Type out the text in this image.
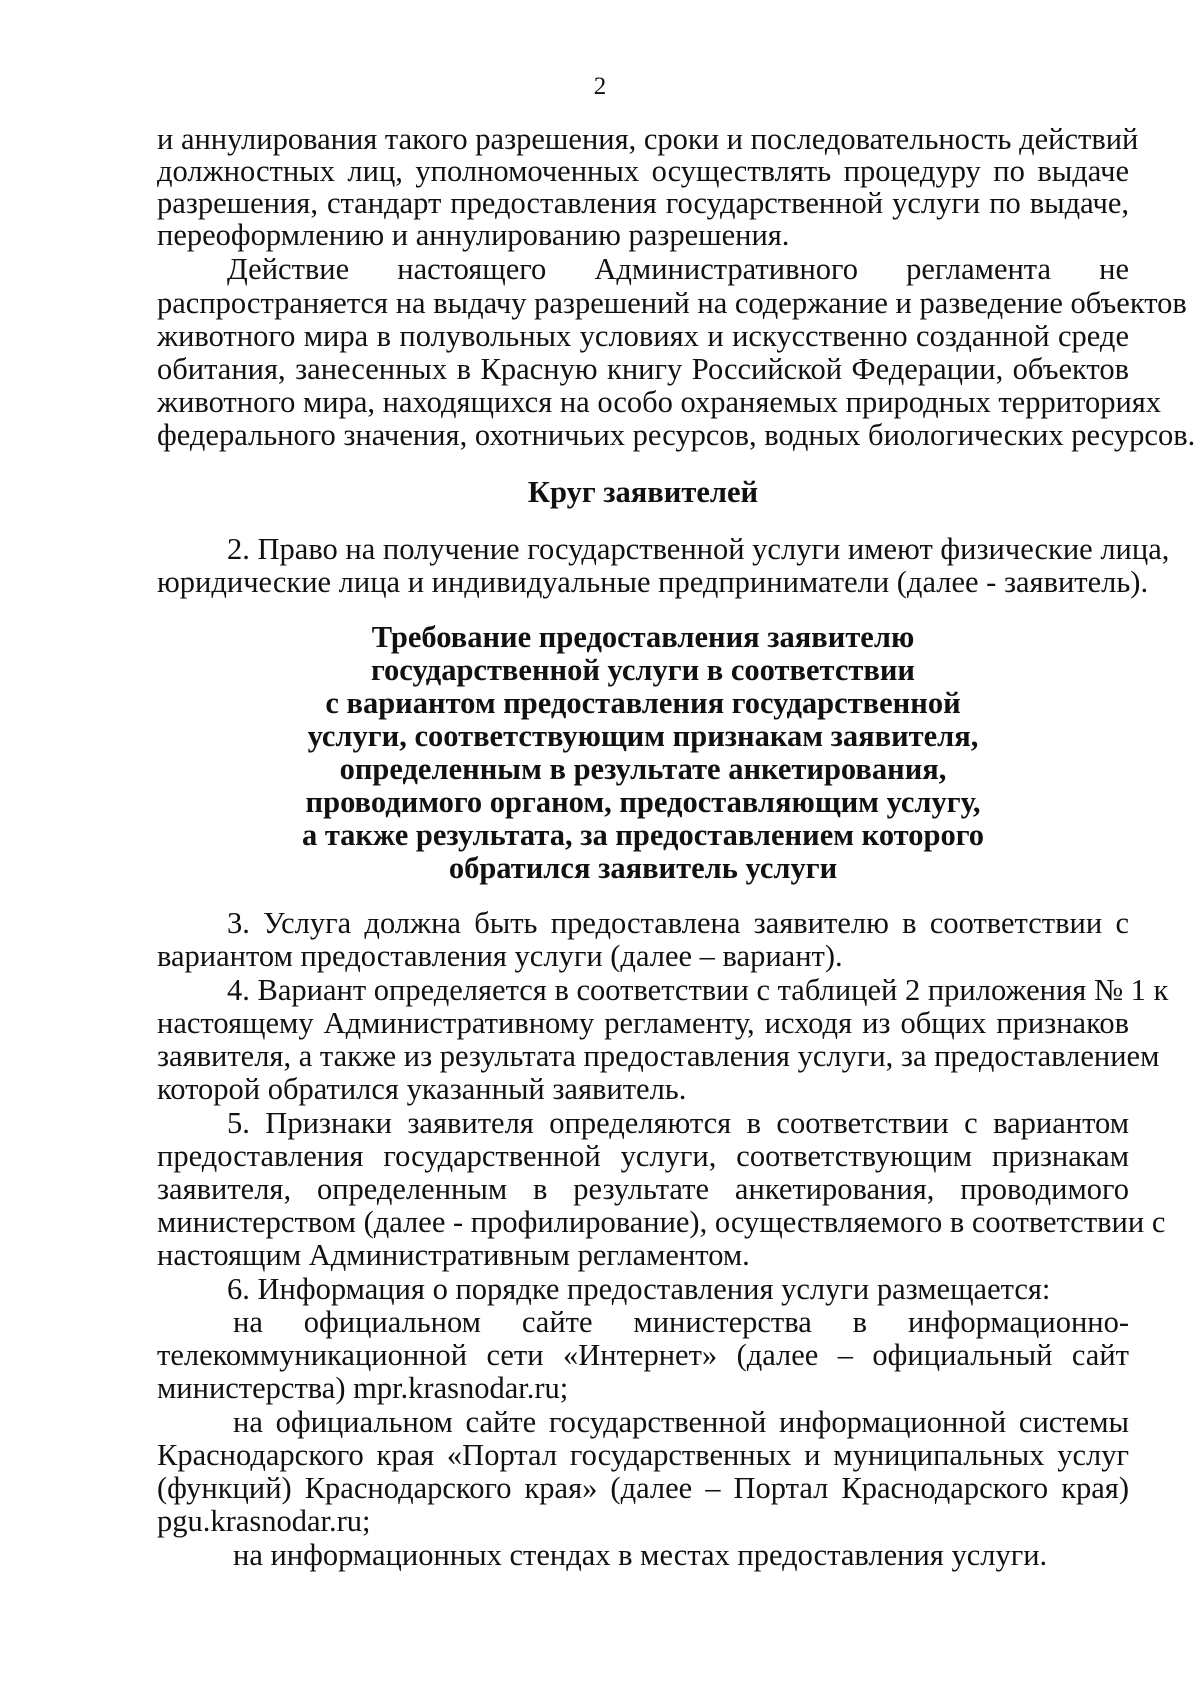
2
и аннулирования такого разрешения, сроки и последовательность действий
должностных лиц, уполномоченных осуществлять процедуру по выдаче
разрешения, стандарт предоставления государственной услуги по выдаче,
переоформлению и аннулированию разрешения.
Действие настоящего Административного регламента не
распространяется на выдачу разрешений на содержание и разведение объектов
животного мира в полувольных условиях и искусственно созданной среде
обитания, занесенных в Красную книгу Российской Федерации, объектов
животного мира, находящихся на особо охраняемых природных территориях
федерального значения, охотничьих ресурсов, водных биологических ресурсов.
Круг заявителей
2. Право на получение государственной услуги имеют физические лица,
юридические лица и индивидуальные предприниматели (далее - заявитель).
Требование предоставления заявителю
государственной услуги в соответствии
с вариантом предоставления государственной
услуги, соответствующим признакам заявителя,
определенным в результате анкетирования,
проводимого органом, предоставляющим услугу,
а также результата, за предоставлением которого
обратился заявитель услуги
3. Услуга должна быть предоставлена заявителю в соответствии с
вариантом предоставления услуги (далее – вариант).
4. Вариант определяется в соответствии с таблицей 2 приложения № 1 к
настоящему Административному регламенту, исходя из общих признаков
заявителя, а также из результата предоставления услуги, за предоставлением
которой обратился указанный заявитель.
5. Признаки заявителя определяются в соответствии с вариантом
предоставления государственной услуги, соответствующим признакам
заявителя, определенным в результате анкетирования, проводимого
министерством (далее - профилирование), осуществляемого в соответствии с
настоящим Административным регламентом.
6. Информация о порядке предоставления услуги размещается:
на официальном сайте министерства в информационно-
телекоммуникационной сети «Интернет» (далее – официальный сайт
министерства) mpr.krasnodar.ru;
на официальном сайте государственной информационной системы
Краснодарского края «Портал государственных и муниципальных услуг
(функций) Краснодарского края» (далее – Портал Краснодарского края)
pgu.krasnodar.ru;
на информационных стендах в местах предоставления услуги.
